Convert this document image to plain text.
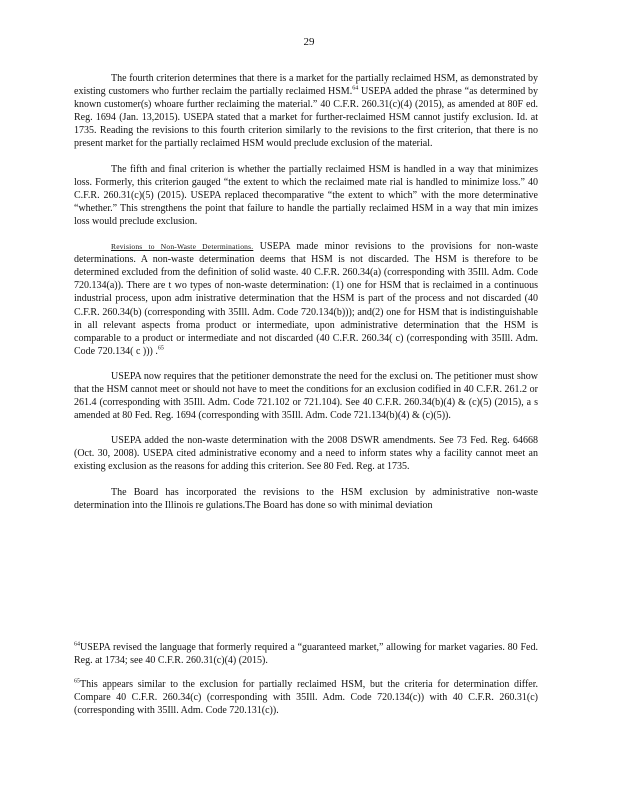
29

The fourth criterion determines that there is a market for the partially reclaimed HSM, as demonstrated by existing customers who further reclaim the partially reclaimed HSM.$^{64}$ USEPA added the phrase “as determined by known customer(s) whoare further reclaiming the material.” 40 C.F.R. 260.31(c)(4) (2015), as amended at 80F ed. Reg. 1694 (Jan. 13,2015). USEPA stated that a market for further-reclaimed HSM cannot justify exclusion. Id. at 1735. Reading the revisions to this fourth criterion similarly to the revisions to the first criterion, that there is no present market for the partially reclaimed HSM would preclude exclusion of the material.

The fifth and final criterion is whether the partially reclaimed HSM is handled in a way that minimizes loss. Formerly, this criterion gauged “the extent to which the reclaimed mate rial is handled to minimize loss.” 40 C.F.R. 260.31(c)(5) (2015). USEPA replaced thecomparative “the extent to which” with the more determinative “whether.” This strengthens the point that failure to handle the partially reclaimed HSM in a way that min imizes loss would preclude exclusion.

Revisions to Non-Waste Determinations. USEPA made minor revisions to the provisions for non-waste determinations. A non-waste determination deems that HSM is not discarded. The HSM is therefore to be determined excluded from the definition of solid waste. 40 C.F.R. 260.34(a) (corresponding with 35Ill. Adm. Code 720.134(a)). There are t wo types of non-waste determination: (1) one for HSM that is reclaimed in a continuous industrial process, upon adm inistrative determination that the HSM is part of the process and not discarded (40 C.F.R. 260.34(b) (corresponding with 35Ill. Adm. Code 720.134(b))); and(2) one for HSM that is indistinguishable in all relevant aspects froma product or intermediate, upon administrative determination that the HSM is comparable to a product or intermediate and not discarded (40 C.F.R. 260.34( c) (corresponding with 35Ill. Adm. Code 720.134( c ))) .$^{65}$

USEPA now requires that the petitioner demonstrate the need for the exclusi on. The petitioner must show that the HSM cannot meet or should not have to meet the conditions for an exclusion codified in 40 C.F.R. 261.2 or 261.4 (corresponding with 35Ill. Adm. Code 721.102 or 721.104). See 40 C.F.R. 260.34(b)(4) & (c)(5) (2015), a s amended at 80 Fed. Reg. 1694 (corresponding with 35Ill. Adm. Code 721.134(b)(4) & (c)(5)).

USEPA added the non-waste determination with the 2008 DSWR amendments. See 73 Fed. Reg. 64668 (Oct. 30, 2008). USEPA cited administrative economy and a need to inform states why a facility cannot meet an existing exclusion as the reasons for adding this criterion. See 80 Fed. Reg. at 1735.

The Board has incorporated the revisions to the HSM exclusion by administrative non-waste determination into the Illinois re gulations.The Board has done so with minimal deviation

$^{64}$USEPA revised the language that formerly required a “guaranteed market,” allowing for market vagaries. 80 Fed. Reg. at 1734; see 40 C.F.R. 260.31(c)(4) (2015).

$^{65}$This appears similar to the exclusion for partially reclaimed HSM, but the criteria for determination differ. Compare 40 C.F.R. 260.34(c) (corresponding with 35Ill. Adm. Code 720.134(c)) with 40 C.F.R. 260.31(c) (corresponding with 35Ill. Adm. Code 720.131(c)).
